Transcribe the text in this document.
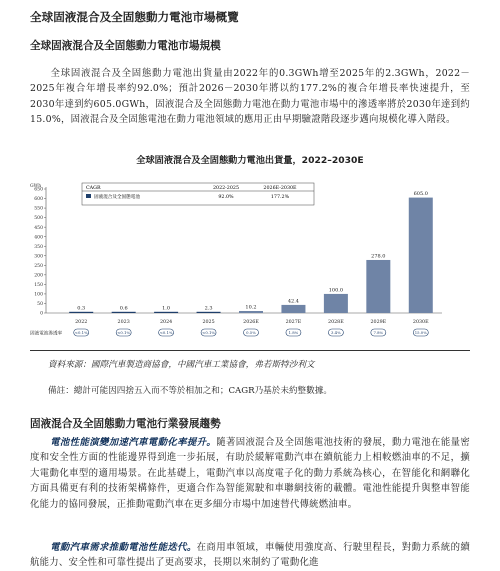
全球固液混合及全固態動力電池市場概覽
全球固液混合及全固態動力電池市場規模
全球固液混合及全固態動力電池出貨量由2022年的0.3GWh增至2025年的2.3GWh，2022－2025年複合年增長率約92.0%；預計2026－2030年將以約177.2%的複合年增長率快速提升，至2030年達到約605.0GWh，固液混合及全固態動力電池在動力電池市場中的滲透率將於2030年達到約15.0%，固液混合及全固態電池在動力電池領域的應用正由早期驗證階段逐步邁向規模化導入階段。
全球固液混合及全固態動力電池出貨量，2022–2030E
GWh
0
50
100
150
200
250
300
350
400
450
500
550
600
650	CAGR	2022-2025	2026E-2030E
固液混合及全固態電池	92.0%	177.2%
0.3
2022
<0.1%
0.6
2023
<0.1%
1.0
2024
<0.1%
2.3
2025
<0.1%
10.2
2026E
0.5%
42.4
2027E
1.8%
100.0
2028E
3.4%
278.0
2029E
7.8%
605.0
2030E
15.0%
固液電池滲透率
資料來源：國際汽車製造商協會，中國汽車工業協會，弗若斯特沙利文
備註：總計可能因四捨五入而不等於相加之和；CAGR乃基於未約整數據。
固液混合及全固態動力電池行業發展趨勢
電池性能演變加速汽車電動化率提升。隨著固液混合及全固態電池技術的發展，動力電池在能量密度和安全性方面的性能邊界得到進一步拓展，有助於緩解電動汽車在續航能力上相較燃油車的不足，擴大電動化車型的適用場景。在此基礎上，電動汽車以高度電子化的動力系統為核心，在智能化和網聯化方面具備更有利的技術架構條件，更適合作為智能駕駛和車聯網技術的載體。電池性能提升與整車智能化能力的協同發展，正推動電動汽車在更多細分市場中加速替代傳統燃油車。
電動汽車需求推動電池性能迭代。在商用車領域，車輛使用強度高、行駛里程長，對動力系統的續航能力、安全性和可靠性提出了更高要求，長期以來制約了電動化進
